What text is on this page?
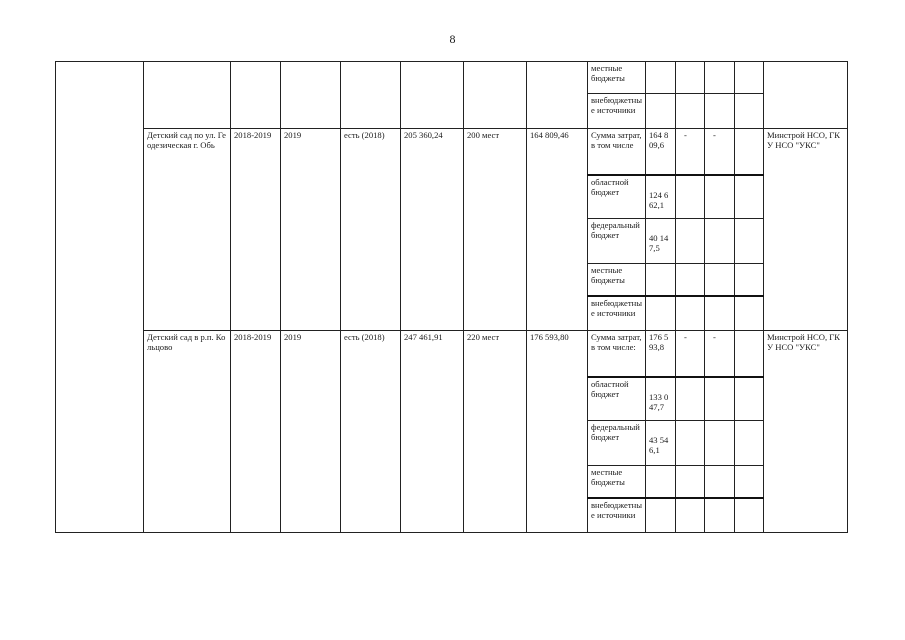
8
								местные бюджеты					
								внебюджетные источники					
	Детский сад по ул. Геодезическая г. Обь	2018-2019	2019	есть (2018)	205 360,24	200 мест	164 809,46	Сумма затрат, в том числе	164 809,6	-	-		Минстрой НСО, ГКУ НСО "УКС"
								областной бюджет	124 662,1				
								федеральный бюджет	40 147,5				
								местные бюджеты					
								внебюджетные источники					
	Детский сад в р.п. Кольцово	2018-2019	2019	есть (2018)	247 461,91	220 мест	176 593,80	Сумма затрат, в том числе:	176 593,8	-	-		Минстрой НСО, ГКУ НСО "УКС"
								областной бюджет	133 047,7				
								федеральный бюджет	43 546,1				
								местные бюджеты					
								внебюджетные источники					
